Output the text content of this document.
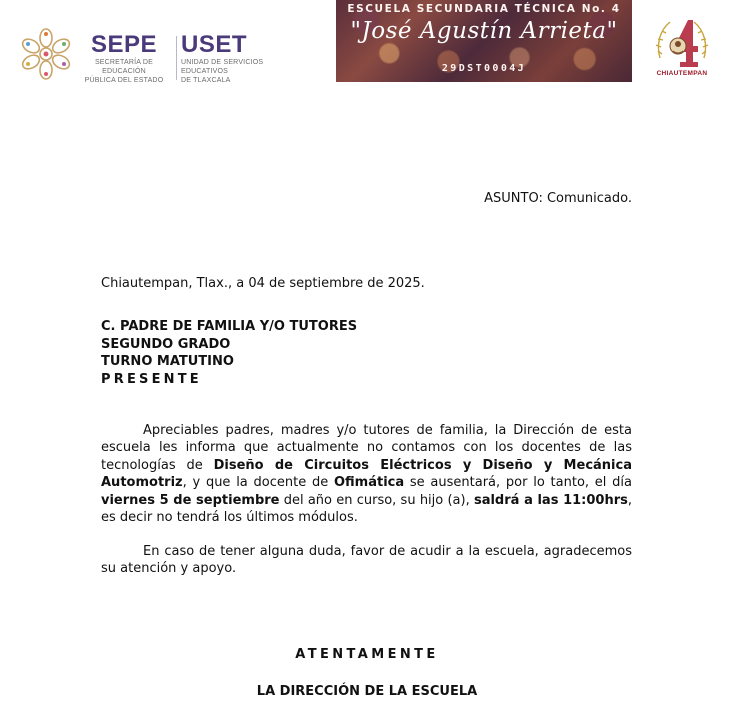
SEPE
SECRETARÍA DE EDUCACIÓN
PÚBLICA DEL ESTADO
USET
UNIDAD DE SERVICIOS EDUCATIVOS
DE TLAXCALA
ESCUELA SECUNDARIA TÉCNICA No. 4
"José Agustín Arrieta"
29DST0004J	CHIAUTEMPAN
ASUNTO: Comunicado.
Chiautempan, Tlax., a 04 de septiembre de 2025.
C. PADRE DE FAMILIA Y/O TUTORES
SEGUNDO GRADO
TURNO MATUTINO
PRESENTE
Apreciables padres, madres y/o tutores de familia, la Dirección de esta escuela les informa que actualmente no contamos con los docentes de las tecnologías de Diseño de Circuitos Eléctricos y Diseño y Mecánica Automotriz, y que la docente de Ofimática se ausentará, por lo tanto, el día viernes 5 de septiembre del año en curso, su hijo (a), saldrá a las 11:00hrs, es decir no tendrá los últimos módulos.
En caso de tener alguna duda, favor de acudir a la escuela, agradecemos su atención y apoyo.
ATENTAMENTE
LA DIRECCIÓN DE LA ESCUELA
